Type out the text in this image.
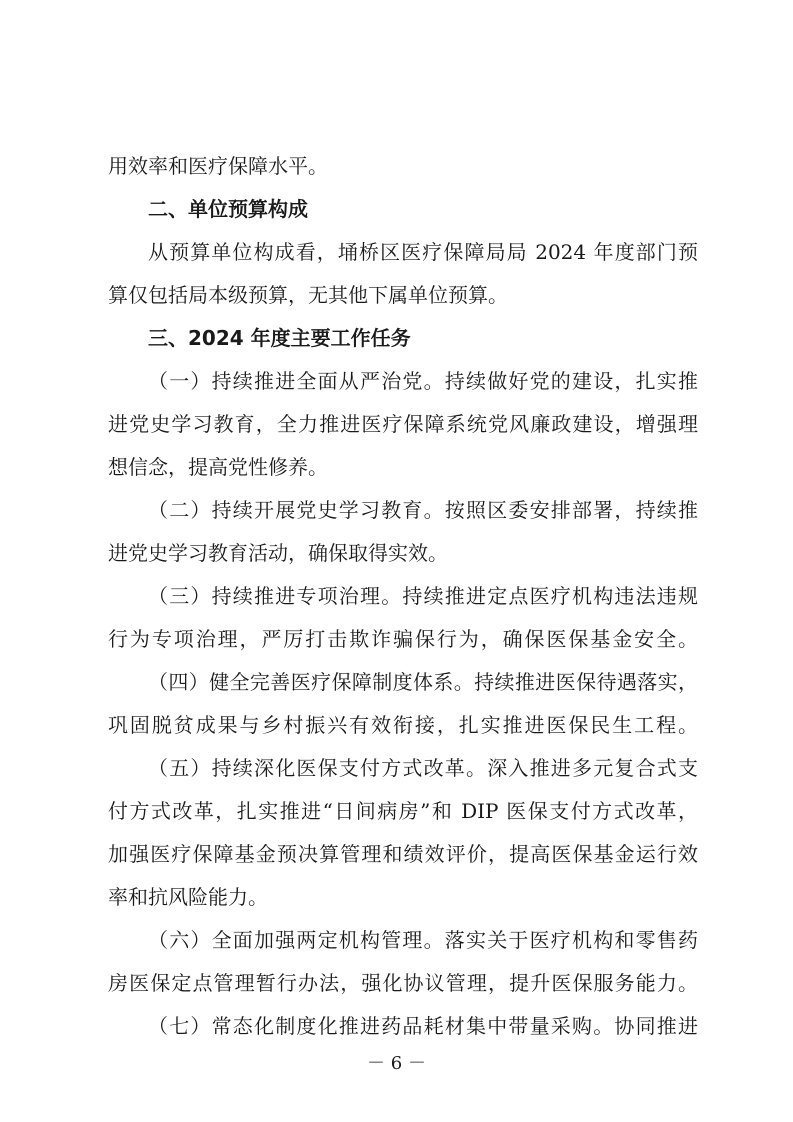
用效率和医疗保障水平。

二、单位预算构成

从预算单位构成看，埇桥区医疗保障局局 2024 年度部门预

算仅包括局本级预算，无其他下属单位预算。

三、2024 年度主要工作任务

（一）持续推进全面从严治党。持续做好党的建设，扎实推

进党史学习教育，全力推进医疗保障系统党风廉政建设，增强理

想信念，提高党性修养。

（二）持续开展党史学习教育。按照区委安排部署，持续推

进党史学习教育活动，确保取得实效。

（三）持续推进专项治理。持续推进定点医疗机构违法违规

行为专项治理，严厉打击欺诈骗保行为，确保医保基金安全。

（四）健全完善医疗保障制度体系。持续推进医保待遇落实，

巩固脱贫成果与乡村振兴有效衔接，扎实推进医保民生工程。

（五）持续深化医保支付方式改革。深入推进多元复合式支

付方式改革，扎实推进“日间病房”和 DIP 医保支付方式改革，

加强医疗保障基金预决算管理和绩效评价，提高医保基金运行效

率和抗风险能力。

（六）全面加强两定机构管理。落实关于医疗机构和零售药

房医保定点管理暂行办法，强化协议管理，提升医保服务能力。

（七）常态化制度化推进药品耗材集中带量采购。协同推进

－ 6 －
